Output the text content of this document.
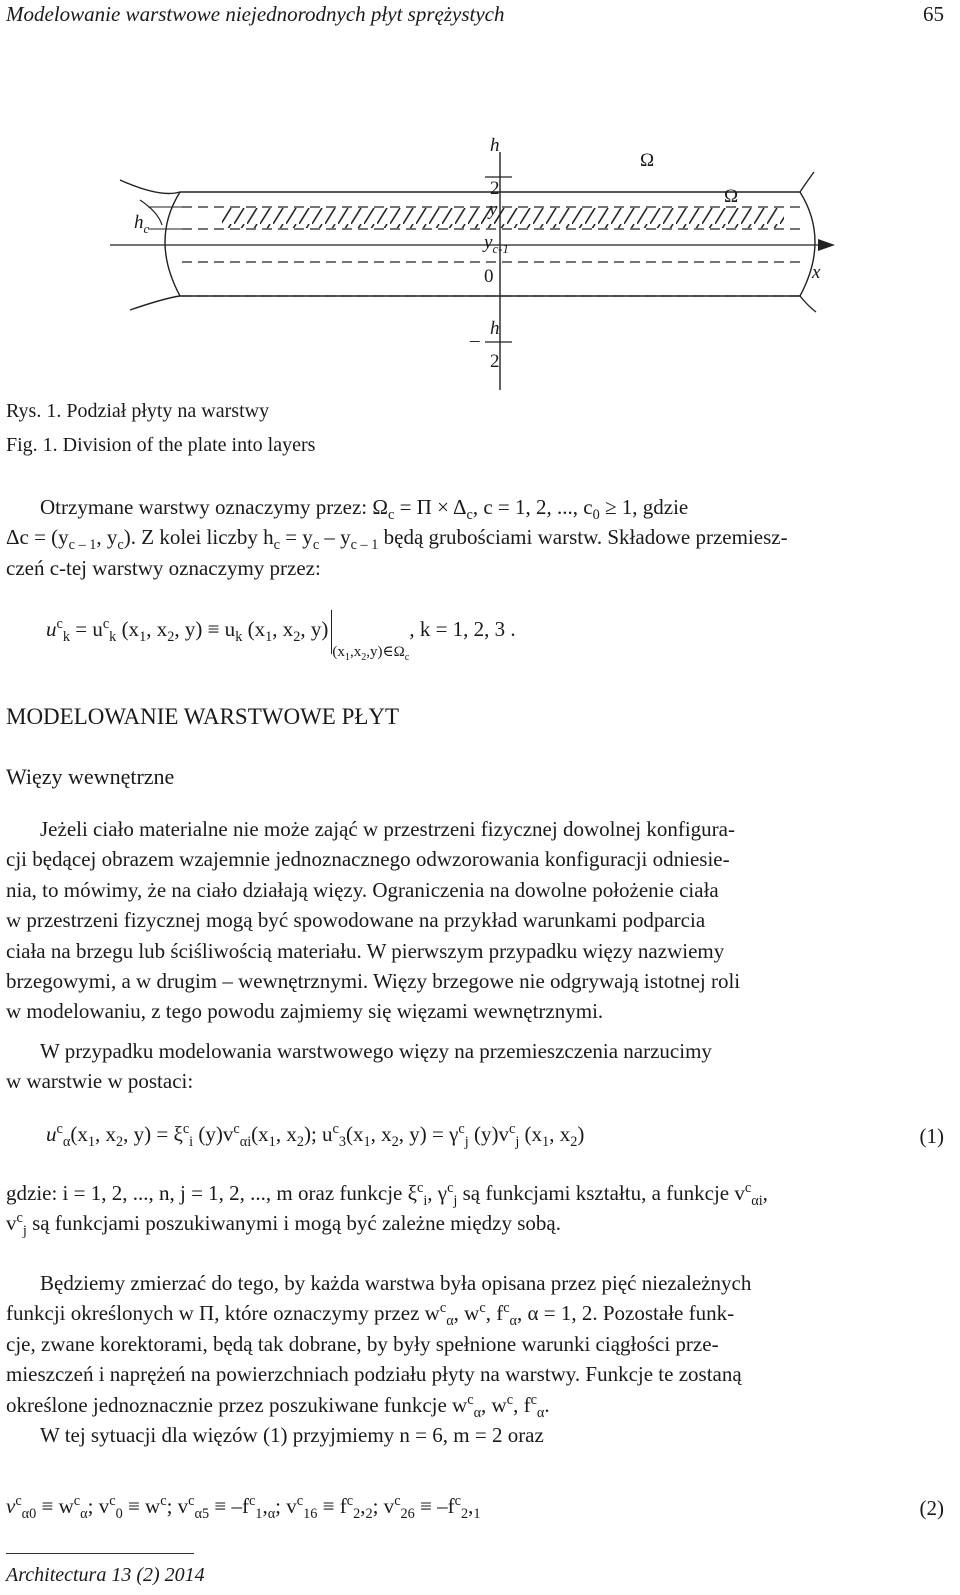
Modelowanie warstwowe niejednorodnych płyt sprężystych	65
$h_c$
h
2
y
$y_{c-1}$
0
–
h
2
Ω
Ω
x
Rys. 1. Podział płyty na warstwy
Fig. 1. Division of the plate into layers
Otrzymane warstwy oznaczymy przez: $\Omega_c = \Pi \times \Delta_c$, c = 1, 2, ..., $c_0 \ge 1$, gdzie
$\Delta c = (y_{c - 1}$, $y_c$). Z kolei liczby $h_c = y_c - y_{c - 1}$ będą grubościami warstw. Składowe przemiesz-
czeń c-tej warstwy oznaczymy przez:
$u^c_k = u^c_k$ ($x_1$, $x_2$, $y) \equiv u_k$ ($x_1$, $x_2$, $y)_{(x_1,x_2,y)\in\Omega_c}$, k = 1, 2, 3 .
MODELOWANIE WARSTWOWE PŁYT
Więzy wewnętrzne
Jeżeli ciało materialne nie może zająć w przestrzeni fizycznej dowolnej konfigura-
cji będącej obrazem wzajemnie jednoznacznego odwzorowania konfiguracji odniesie-
nia, to mówimy, że na ciało działają więzy. Ograniczenia na dowolne położenie ciała
w przestrzeni fizycznej mogą być spowodowane na przykład warunkami podparcia
ciała na brzegu lub ściśliwością materiału. W pierwszym przypadku więzy nazwiemy
brzegowymi, a w drugim – wewnętrznymi. Więzy brzegowe nie odgrywają istotnej roli
w modelowaniu, z tego powodu zajmiemy się więzami wewnętrznymi.
W przypadku modelowania warstwowego więzy na przemieszczenia narzucimy
w warstwie w postaci:
$u^c_\alpha(x_1$, $x_2$, $y) = \xi^c_i$ $(y)v^c_{\alpha i}(x_1$, $x_2$); $u^c_3(x_1$, $x_2$, $y) = \gamma^c_j$ $(y)v^c_j$ ($x_1$, $x_2$)	(1)
gdzie: i = 1, 2, ..., n, j = 1, 2, ..., m oraz funkcje $\xi^c_i$, $\gamma^c_j$ są funkcjami kształtu, a funkcje $v^c_{\alpha i}$,
$v^c_j$ są funkcjami poszukiwanymi i mogą być zależne między sobą.
Będziemy zmierzać do tego, by każda warstwa była opisana przez pięć niezależnych
funkcji określonych w Π, które oznaczymy przez $w^c_\alpha$, $w^c$, $f^c_\alpha$, α = 1, 2. Pozostałe funk-
cje, zwane korektorami, będą tak dobrane, by były spełnione warunki ciągłości prze-
mieszczeń i naprężeń na powierzchniach podziału płyty na warstwy. Funkcje te zostaną
określone jednoznacznie przez poszukiwane funkcje $w^c_\alpha$, $w^c$, $f^c_\alpha$.
W tej sytuacji dla więzów (1) przyjmiemy n = 6, m = 2 oraz
$v^c_{\alpha 0} \equiv w^c_\alpha$; $v^c_0 \equiv w^c$; $v^c_{\alpha 5} \equiv -f^c_1,_\alpha$; $v^c_{16} \equiv f^c_2,_2$; $v^c_{26} \equiv -f^c_2,_1$	(2)
Architectura 13 (2) 2014
